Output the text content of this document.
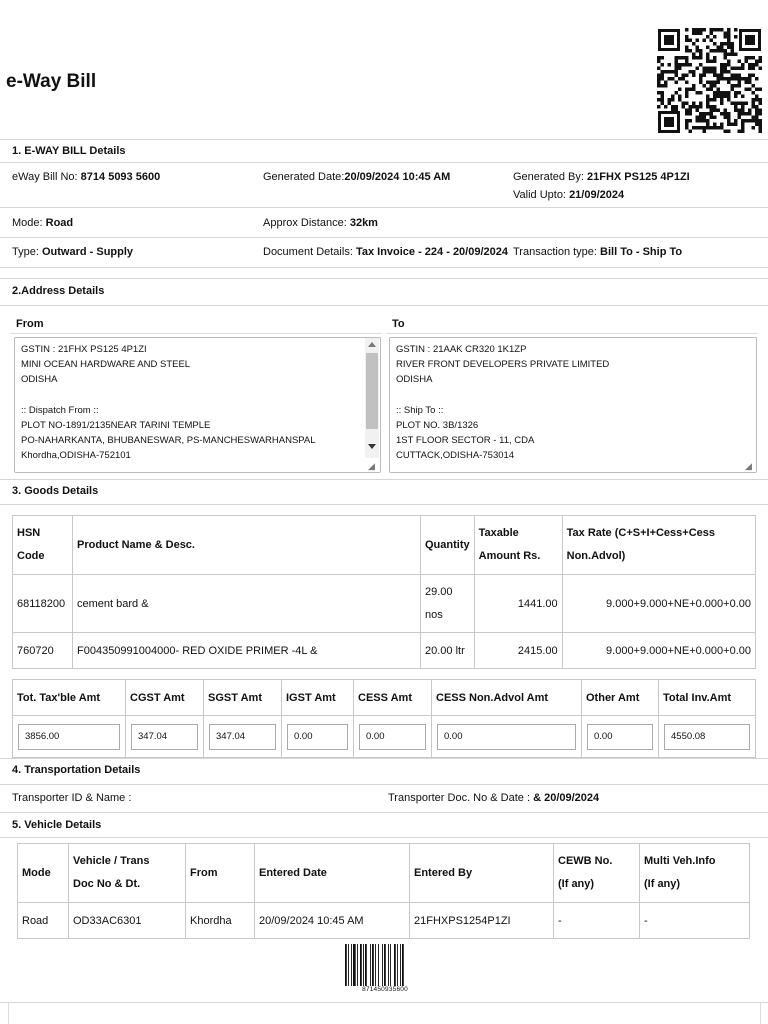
e-Way Bill
1. E-WAY BILL Details
eWay Bill No: 8714 5093 5600	Generated Date:20/09/2024 10:45 AM	Generated By: 21FHX PS125 4P1ZI
Valid Upto: 21/09/2024
Mode: Road	Approx Distance: 32km
Type: Outward - Supply	Document Details: Tax Invoice - 224 - 20/09/2024 Transaction type: Bill To - Ship To
2.Address Details
From	To
GSTIN : 21FHX PS125 4P1ZI
MINI OCEAN HARDWARE AND STEEL
ODISHA
:: Dispatch From ::
PLOT NO-1891/2135NEAR TARINI TEMPLE
PO-NAHARKANTA, BHUBANESWAR, PS-MANCHESWARHANSPAL
Khordha,ODISHA-752101
◢
GSTIN : 21AAK CR320 1K1ZP
RIVER FRONT DEVELOPERS PRIVATE LIMITED
ODISHA
:: Ship To ::
PLOT NO. 3B/1326
1ST FLOOR SECTOR - 11, CDA
CUTTACK,ODISHA-753014
◢
3. Goods Details
HSN
Code	Product Name & Desc.	Quantity	Taxable
Amount Rs.	Tax Rate (C+S+I+Cess+Cess
Non.Advol)
68118200	cement bard &	29.00
nos	1441.00	9.000+9.000+NE+0.000+0.00
760720	F004350991004000- RED OXIDE PRIMER -4L &	20.00 ltr	2415.00	9.000+9.000+NE+0.000+0.00
Tot. Tax'ble Amt	CGST Amt	SGST Amt	IGST Amt	CESS Amt	CESS Non.Advol Amt	Other Amt	Total Inv.Amt
3856.00	347.04	347.04	0.00	0.00	0.00	0.00	4550.08
4. Transportation Details
Transporter ID & Name :	Transporter Doc. No & Date : & 20/09/2024
5. Vehicle Details
Mode	Vehicle / Trans
Doc No & Dt.	From	Entered Date	Entered By	CEWB No.
(If any)	Multi Veh.Info
(If any)
Road	OD33AC6301	Khordha	20/09/2024 10:45 AM	21FHXPS1254P1ZI	-	-
871450935600
